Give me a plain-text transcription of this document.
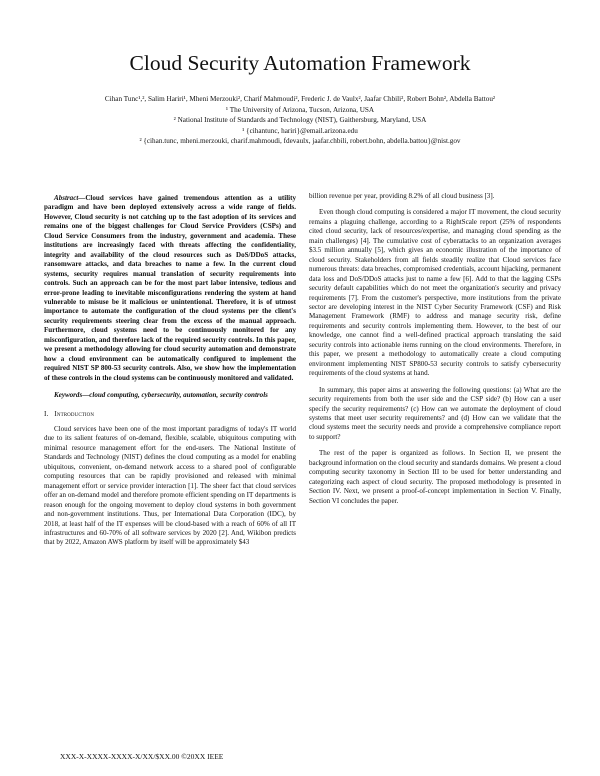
Cloud Security Automation Framework
Cihan Tunc¹,², Salim Hariri¹, Mheni Merzouki², Charif Mahmoudi², Frederic J. de Vaulx², Jaafar Chbili², Robert Bohn², Abdella Battou²
¹ The University of Arizona, Tucson, Arizona, USA
² National Institute of Standards and Technology (NIST), Gaithersburg, Maryland, USA
¹ {cihantunc, hariri}@email.arizona.edu
² {cihan.tunc, mheni.merzouki, charif.mahmoudi, fdevaulx, jaafar.chbili, robert.bohn, abdella.battou}@nist.gov

Abstract—Cloud services have gained tremendous attention as a utility paradigm and have been deployed extensively across a wide range of fields. However, Cloud security is not catching up to the fast adoption of its services and remains one of the biggest challenges for Cloud Service Providers (CSPs) and Cloud Service Consumers from the industry, government and academia. These institutions are increasingly faced with threats affecting the confidentiality, integrity and availability of the cloud resources such as DoS/DDoS attacks, ransomware attacks, and data breaches to name a few. In the current cloud systems, security requires manual translation of security requirements into controls. Such an approach can be for the most part labor intensive, tedious and error-prone leading to inevitable misconfigurations rendering the system at hand vulnerable to misuse be it malicious or unintentional. Therefore, it is of utmost importance to automate the configuration of the cloud systems per the client's security requirements steering clear from the excess of the manual approach. Furthermore, cloud systems need to be continuously monitored for any misconfiguration, and therefore lack of the required security controls. In this paper, we present a methodology allowing for cloud security automation and demonstrate how a cloud environment can be automatically configured to implement the required NIST SP 800-53 security controls. Also, we show how the implementation of these controls in the cloud systems can be continuously monitored and validated.

Keywords—cloud computing, cybersecurity, automation, security controls

I. Introduction

Cloud services have been one of the most important paradigms of today's IT world due to its salient features of on-demand, flexible, scalable, ubiquitous computing with minimal resource management effort for the end-users. The National Institute of Standards and Technology (NIST) defines the cloud computing as a model for enabling ubiquitous, convenient, on-demand network access to a shared pool of configurable computing resources that can be rapidly provisioned and released with minimal management effort or service provider interaction [1]. The sheer fact that cloud services offer an on-demand model and therefore promote efficient spending on IT departments is reason enough for the ongoing movement to deploy cloud systems in both government and non-government institutions. Thus, per International Data Corporation (IDC), by 2018, at least half of the IT expenses will be cloud-based with a reach of 60% of all IT infrastructures and 60-70% of all software services by 2020 [2]. And, Wikibon predicts that by 2022, Amazon AWS platform by itself will be approximately $43

billion revenue per year, providing 8.2% of all cloud business [3].

Even though cloud computing is considered a major IT movement, the cloud security remains a plaguing challenge, according to a RightScale report (25% of respondents cited cloud security, lack of resources/expertise, and managing cloud spending as the main challenges) [4]. The cumulative cost of cyberattacks to an organization averages $3.5 million annually [5], which gives an economic illustration of the importance of cloud security. Stakeholders from all fields steadily realize that Cloud services face numerous threats: data breaches, compromised credentials, account hijacking, permanent data loss and DoS/DDoS attacks just to name a few [6]. Add to that the lagging CSPs security default capabilities which do not meet the organization's security and privacy requirements [7]. From the customer's perspective, more institutions from the private sector are developing interest in the NIST Cyber Security Framework (CSF) and Risk Management Framework (RMF) to address and manage security risk, define requirements and security controls implementing them. However, to the best of our knowledge, one cannot find a well-defined practical approach translating the said security controls into actionable items running on the cloud environments. Therefore, in this paper, we present a methodology to automatically create a cloud computing environment implementing NIST SP800-53 security controls to satisfy cybersecurity requirements of the cloud systems at hand.

In summary, this paper aims at answering the following questions: (a) What are the security requirements from both the user side and the CSP side? (b) How can a user specify the security requirements? (c) How can we automate the deployment of cloud systems that meet user security requirements? and (d) How can we validate that the cloud systems meet the security needs and provide a comprehensive compliance report to support?

The rest of the paper is organized as follows. In Section II, we present the background information on the cloud security and standards domains. We present a cloud computing security taxonomy in Section III to be used for better understanding and categorizing each aspect of cloud security. The proposed methodology is presented in Section IV. Next, we present a proof-of-concept implementation in Section V. Finally, Section VI concludes the paper.

XXX-X-XXXX-XXXX-X/XX/$XX.00 ©20XX IEEE
